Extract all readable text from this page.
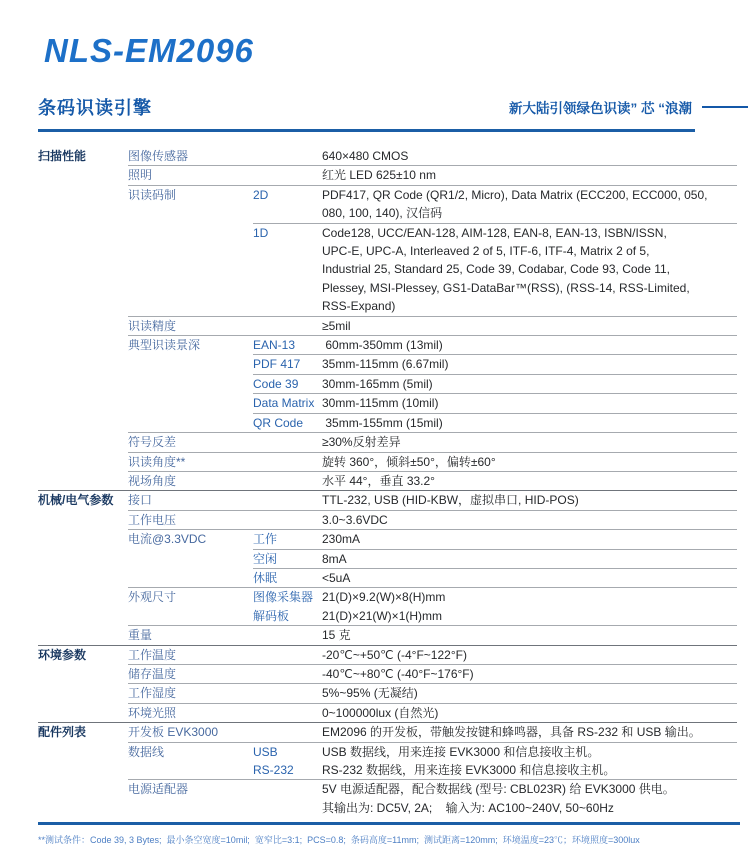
NLS-EM2096
条码识读引擎	新大陆引领绿色识读” 芯 “浪潮
扫描性能	图像传感器	640×480 CMOS
照明	红光 LED 625±10 nm
识读码制	2D	PDF417, QR Code (QR1/2, Micro), Data Matrix (ECC200, ECC000, 050,
080, 100, 140), 汉信码
1D	Code128, UCC/EAN-128, AIM-128, EAN-8, EAN-13, ISBN/ISSN,
UPC-E, UPC-A, Interleaved 2 of 5, ITF-6, ITF-4, Matrix 2 of 5,
Industrial 25, Standard 25, Code 39, Codabar, Code 93, Code 11,
Plessey, MSI-Plessey, GS1-DataBar™(RSS), (RSS-14, RSS-Limited,
RSS-Expand)
识读精度	≥5mil
典型识读景深	EAN-13	60mm-350mm (13mil)
PDF 417	35mm-115mm (6.67mil)
Code 39	30mm-165mm (5mil)
Data Matrix 30mm-115mm (10mil)
QR Code	35mm-155mm (15mil)
符号反差	≥30%反射差异
识读角度**	旋转 360°，倾斜±50°，偏转±60°
视场角度	水平 44°，垂直 33.2°
机械/电气参数	接口	TTL-232, USB (HID-KBW，虚拟串口, HID-POS)
工作电压	3.0~3.6VDC
电流@3.3VDC	工作	230mA
空闲	8mA
休眠	<5uA
外观尺寸	图像采集器 21(D)×9.2(W)×8(H)mm
解码板	21(D)×21(W)×1(H)mm
重量	15 克
环境参数	工作温度	-20℃~+50℃ (-4°F~122°F)
储存温度	-40℃~+80℃ (-40°F~176°F)
工作湿度	5%~95% (无凝结)
环境光照	0~100000lux (自然光)
配件列表	开发板 EVK3000	EM2096 的开发板，带触发按键和蜂鸣器，具备 RS-232 和 USB 输出。
数据线	USB	USB 数据线，用来连接 EVK3000 和信息接收主机。
RS-232	RS-232 数据线，用来连接 EVK3000 和信息接收主机。
电源适配器	5V 电源适配器，配合数据线 (型号: CBL023R) 给 EVK3000 供电。
其输出为: DC5V, 2A;    输入为: AC100~240V, 50~60Hz
**测试条件：Code 39, 3 Bytes;  最小条空宽度=10mil;  宽窄比=3:1;  PCS=0.8;  条码高度=11mm;  测试距离=120mm;  环境温度=23℃；环境照度=300lux
